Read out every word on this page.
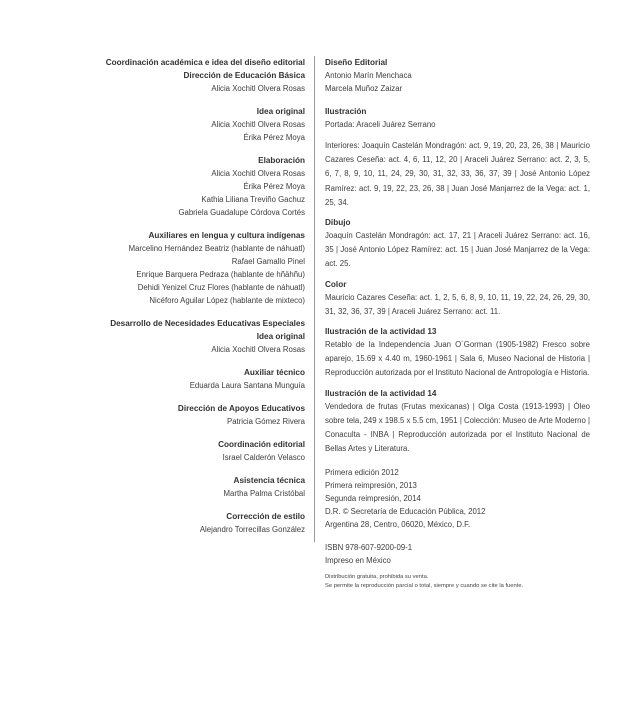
Coordinación académica e idea del diseño editorial
Dirección de Educación Básica
Alicia Xochitl Olvera Rosas
Idea original
Alicia Xochitl Olvera Rosas
Érika Pérez Moya
Elaboración
Alicia Xochitl Olvera Rosas
Érika Pérez Moya
Kathia Liliana Treviño Gachuz
Gabriela Guadalupe Córdova Cortés
Auxiliares en lengua y cultura indígenas
Marcelino Hernández Beatriz (hablante de náhuatl)
Rafael Gamallo Pinel
Enrique Barquera Pedraza (hablante de hñähñu)
Dehidi Yenizel Cruz Flores (hablante de náhuatl)
Nicéforo Aguilar López (hablante de mixteco)
Desarrollo de Necesidades Educativas Especiales
Idea original
Alicia Xochitl Olvera Rosas
Auxiliar técnico
Eduarda Laura Santana Munguía
Dirección de Apoyos Educativos
Patricia Gómez Rivera
Coordinación editorial
Israel Calderón Velasco
Asistencia técnica
Martha Palma Cristóbal
Corrección de estilo
Alejandro Torrecillas González
Diseño Editorial
Antonio Marín Menchaca
Marcela Muñoz Zaizar
Ilustración
Portada: Araceli Juárez Serrano
Interiores: Joaquín Castelán Mondragón: act. 9, 19, 20, 23, 26, 38 | Mauricio Cazares Ceseña: act. 4, 6, 11, 12, 20 | Araceli Juárez Serrano: act. 2, 3, 5, 6, 7, 8, 9, 10, 11, 24, 29, 30, 31, 32, 33, 36, 37, 39 | José Antonio López Ramírez: act. 9, 19, 22, 23, 26, 38 | Juan José Manjarrez de la Vega: act. 1, 25, 34.
Dibujo
Joaquín Castelán Mondragón: act. 17, 21 | Araceli Juárez Serrano: act. 16, 35 | José Antonio López Ramírez: act. 15 | Juan José Manjarrez de la Vega: act. 25.
Color
Mauricio Cazares Ceseña: act. 1, 2, 5, 6, 8, 9, 10, 11, 19, 22, 24, 26, 29, 30, 31, 32, 36, 37, 39 | Araceli Juárez Serrano: act. 11.
Ilustración de la actividad 13
Retablo de la Independencia Juan O´Gorman (1905-1982) Fresco sobre aparejo, 15.69 x 4.40 m, 1960-1961 | Sala 6, Museo Nacional de Historia | Reproducción autorizada por el Instituto Nacional de Antropología e Historia.
Ilustración de la actividad 14
Vendedora de frutas (Frutas mexicanas) | Olga Costa (1913-1993) | Óleo sobre tela, 249 x 198.5 x 5.5 cm, 1951 | Colección: Museo de Arte Moderno | Conaculta - INBA | Reproducción autorizada por el Instituto Nacional de Bellas Artes y Literatura.
Primera edición 2012
Primera reimpresión, 2013
Segunda reimpresión, 2014
D.R. © Secretaría de Educación Pública, 2012
Argentina 28, Centro, 06020, México, D.F.
ISBN 978-607-9200-09-1
Impreso en México
Distribución gratuita, prohibida su venta.
Se permite la reproducción parcial o total, siempre y cuando se cite la fuente.
